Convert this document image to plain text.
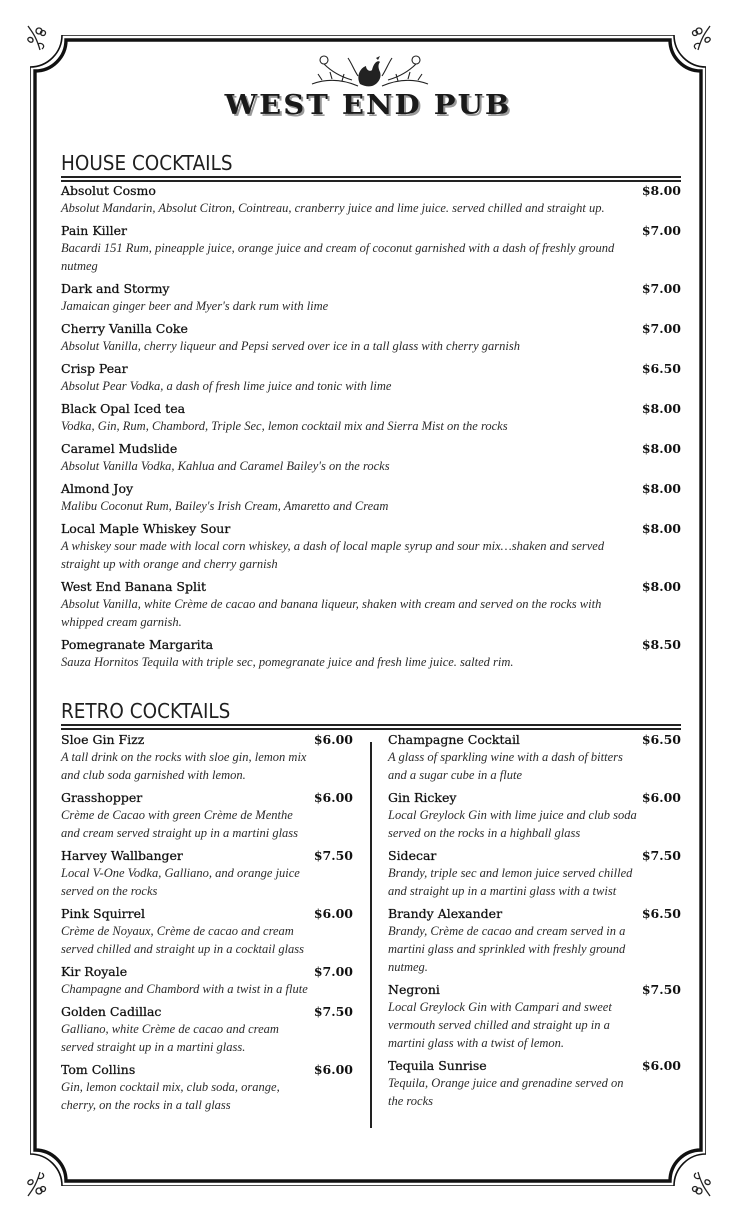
WEST END PUB
HOUSE COCKTAILS
Absolut Cosmo	$8.00
Absolut Mandarin, Absolut Citron, Cointreau, cranberry juice and lime juice. served chilled and straight up.
Pain Killer	$7.00
Bacardi 151 Rum, pineapple juice, orange juice and cream of coconut garnished with a dash of freshly ground nutmeg
Dark and Stormy	$7.00
Jamaican ginger beer and Myer's dark rum with lime
Cherry Vanilla Coke	$7.00
Absolut Vanilla, cherry liqueur and Pepsi served over ice in a tall glass with cherry garnish
Crisp Pear	$6.50
Absolut Pear Vodka, a dash of fresh lime juice and tonic with lime
Black Opal Iced tea	$8.00
Vodka, Gin, Rum, Chambord, Triple Sec, lemon cocktail mix and Sierra Mist on the rocks
Caramel Mudslide	$8.00
Absolut Vanilla Vodka, Kahlua and Caramel Bailey's on the rocks
Almond Joy	$8.00
Malibu Coconut Rum, Bailey's Irish Cream, Amaretto and Cream
Local Maple Whiskey Sour	$8.00
A whiskey sour made with local corn whiskey, a dash of local maple syrup and sour mix…shaken and served straight up with orange and cherry garnish
West End Banana Split	$8.00
Absolut Vanilla, white Crème de cacao and banana liqueur, shaken with cream and served on the rocks with whipped cream garnish.
Pomegranate Margarita	$8.50
Sauza Hornitos Tequila with triple sec, pomegranate juice and fresh lime juice. salted rim.
RETRO COCKTAILS
Sloe Gin Fizz	$6.00
A tall drink on the rocks with sloe gin, lemon mix and club soda garnished with lemon.
Grasshopper	$6.00
Crème de Cacao with green Crème de Menthe and cream served straight up in a martini glass
Harvey Wallbanger	$7.50
Local V-One Vodka, Galliano, and orange juice served on the rocks
Pink Squirrel	$6.00
Crème de Noyaux, Crème de cacao and cream served chilled and straight up in a cocktail glass
Kir Royale	$7.00
Champagne and Chambord with a twist in a flute
Golden Cadillac	$7.50
Galliano, white Crème de cacao and cream served straight up in a martini glass.
Tom Collins	$6.00
Gin, lemon cocktail mix, club soda, orange, cherry, on the rocks in a tall glass
Champagne Cocktail	$6.50
A glass of sparkling wine with a dash of bitters and a sugar cube in a flute
Gin Rickey	$6.00
Local Greylock Gin with lime juice and club soda served on the rocks in a highball glass
Sidecar	$7.50
Brandy, triple sec and lemon juice served chilled and straight up in a martini glass with a twist
Brandy Alexander	$6.50
Brandy, Crème de cacao and cream served in a martini glass and sprinkled with freshly ground nutmeg.
Negroni	$7.50
Local Greylock Gin with Campari and sweet vermouth served chilled and straight up in a martini glass with a twist of lemon.
Tequila Sunrise	$6.00
Tequila, Orange juice and grenadine served on the rocks
